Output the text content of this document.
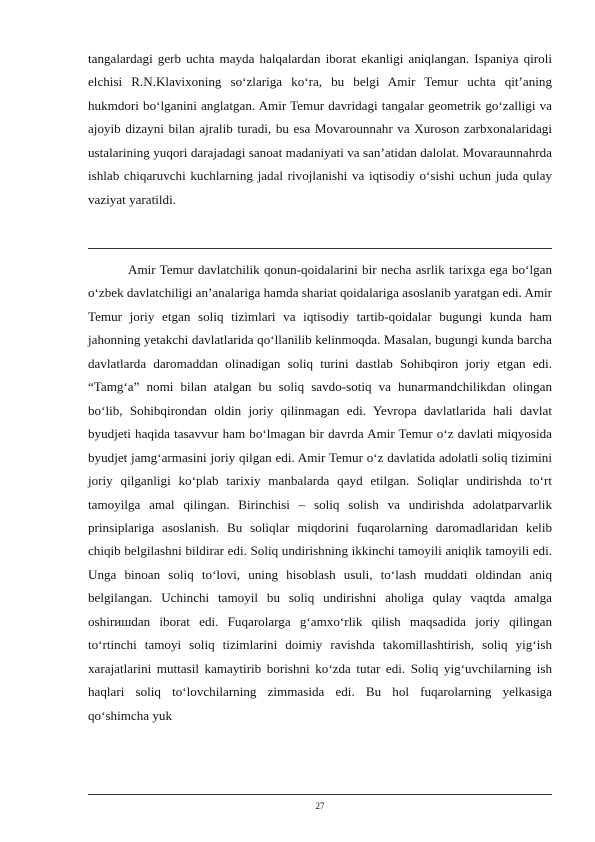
tangalardagi gerb uchta mayda halqalardan iborat ekanligi aniqlangan. Ispaniya qiroli elchisi R.N.Klavixoning so‘zlariga ko‘ra, bu belgi Amir Temur uchta qit’aning hukmdori bo‘lganini anglatgan. Amir Temur davridagi tangalar geometrik go‘zalligi va ajoyib dizayni bilan ajralib turadi, bu esa Movarounnahr va Xuroson zarbxonalaridagi ustalarining yuqori darajadagi sanoat madaniyati va san’atidan dalolat. Movaraunnahrda ishlab chiqaruvchi kuchlarning jadal rivojlanishi va iqtisodiy o‘sishi uchun juda qulay vaziyat yaratildi.

Amir Temur davlatchilik qonun-qoidalarini bir necha asrlik tarixga ega bo‘lgan o‘zbek davlatchiligi an’analariga hamda shariat qoidalariga asoslanib yaratgan edi. Amir Temur joriy etgan soliq tizimlari va iqtisodiy tartib-qoidalar bugungi kunda ham jahonning yetakchi davlatlarida qo‘llanilib kelinmoqda. Masalan, bugungi kunda barcha davlatlarda daromaddan olinadigan soliq turini dastlab Sohibqiron joriy etgan edi. “Tamg‘a” nomi bilan atalgan bu soliq savdo-sotiq va hunarmandchilikdan olingan bo‘lib, Sohibqirondan oldin joriy qilinmagan edi. Yevropa davlatlarida hali davlat byudjeti haqida tasavvur ham bo‘lmagan bir davrda Amir Temur o‘z davlati miqyosida byudjet jamg‘armasini joriy qilgan edi. Amir Temur o‘z davlatida adolatli soliq tizimini joriy qilganligi ko‘plab tarixiy manbalarda qayd etilgan. Soliqlar undirishda to‘rt tamoyilga amal qilingan. Birinchisi – soliq solish va undirishda adolatparvarlik prinsiplariga asoslanish. Bu soliqlar miqdorini fuqarolarning daromadlaridan kelib chiqib belgilashni bildirar edi. Soliq undirishning ikkinchi tamoyili aniqlik tamoyili edi. Unga binoan soliq to‘lovi, uning hisoblash usuli, to‘lash muddati oldindan aniq belgilangan. Uchinchi tamoyil bu soliq undirishni aholiga qulay vaqtda amalga oshirишdan iborat edi. Fuqarolarga g‘amxo‘rlik qilish maqsadida joriy qilingan to‘rtinchi tamoyi soliq tizimlarini doimiy ravishda takomillashtirish, soliq yig‘ish xarajatlarini muttasil kamaytirib borishni ko‘zda tutar edi. Soliq yig‘uvchilarning ish haqlari soliq to‘lovchilarning zimmasida edi. Bu hol fuqarolarning yelkasiga qo‘shimcha yuk

27
